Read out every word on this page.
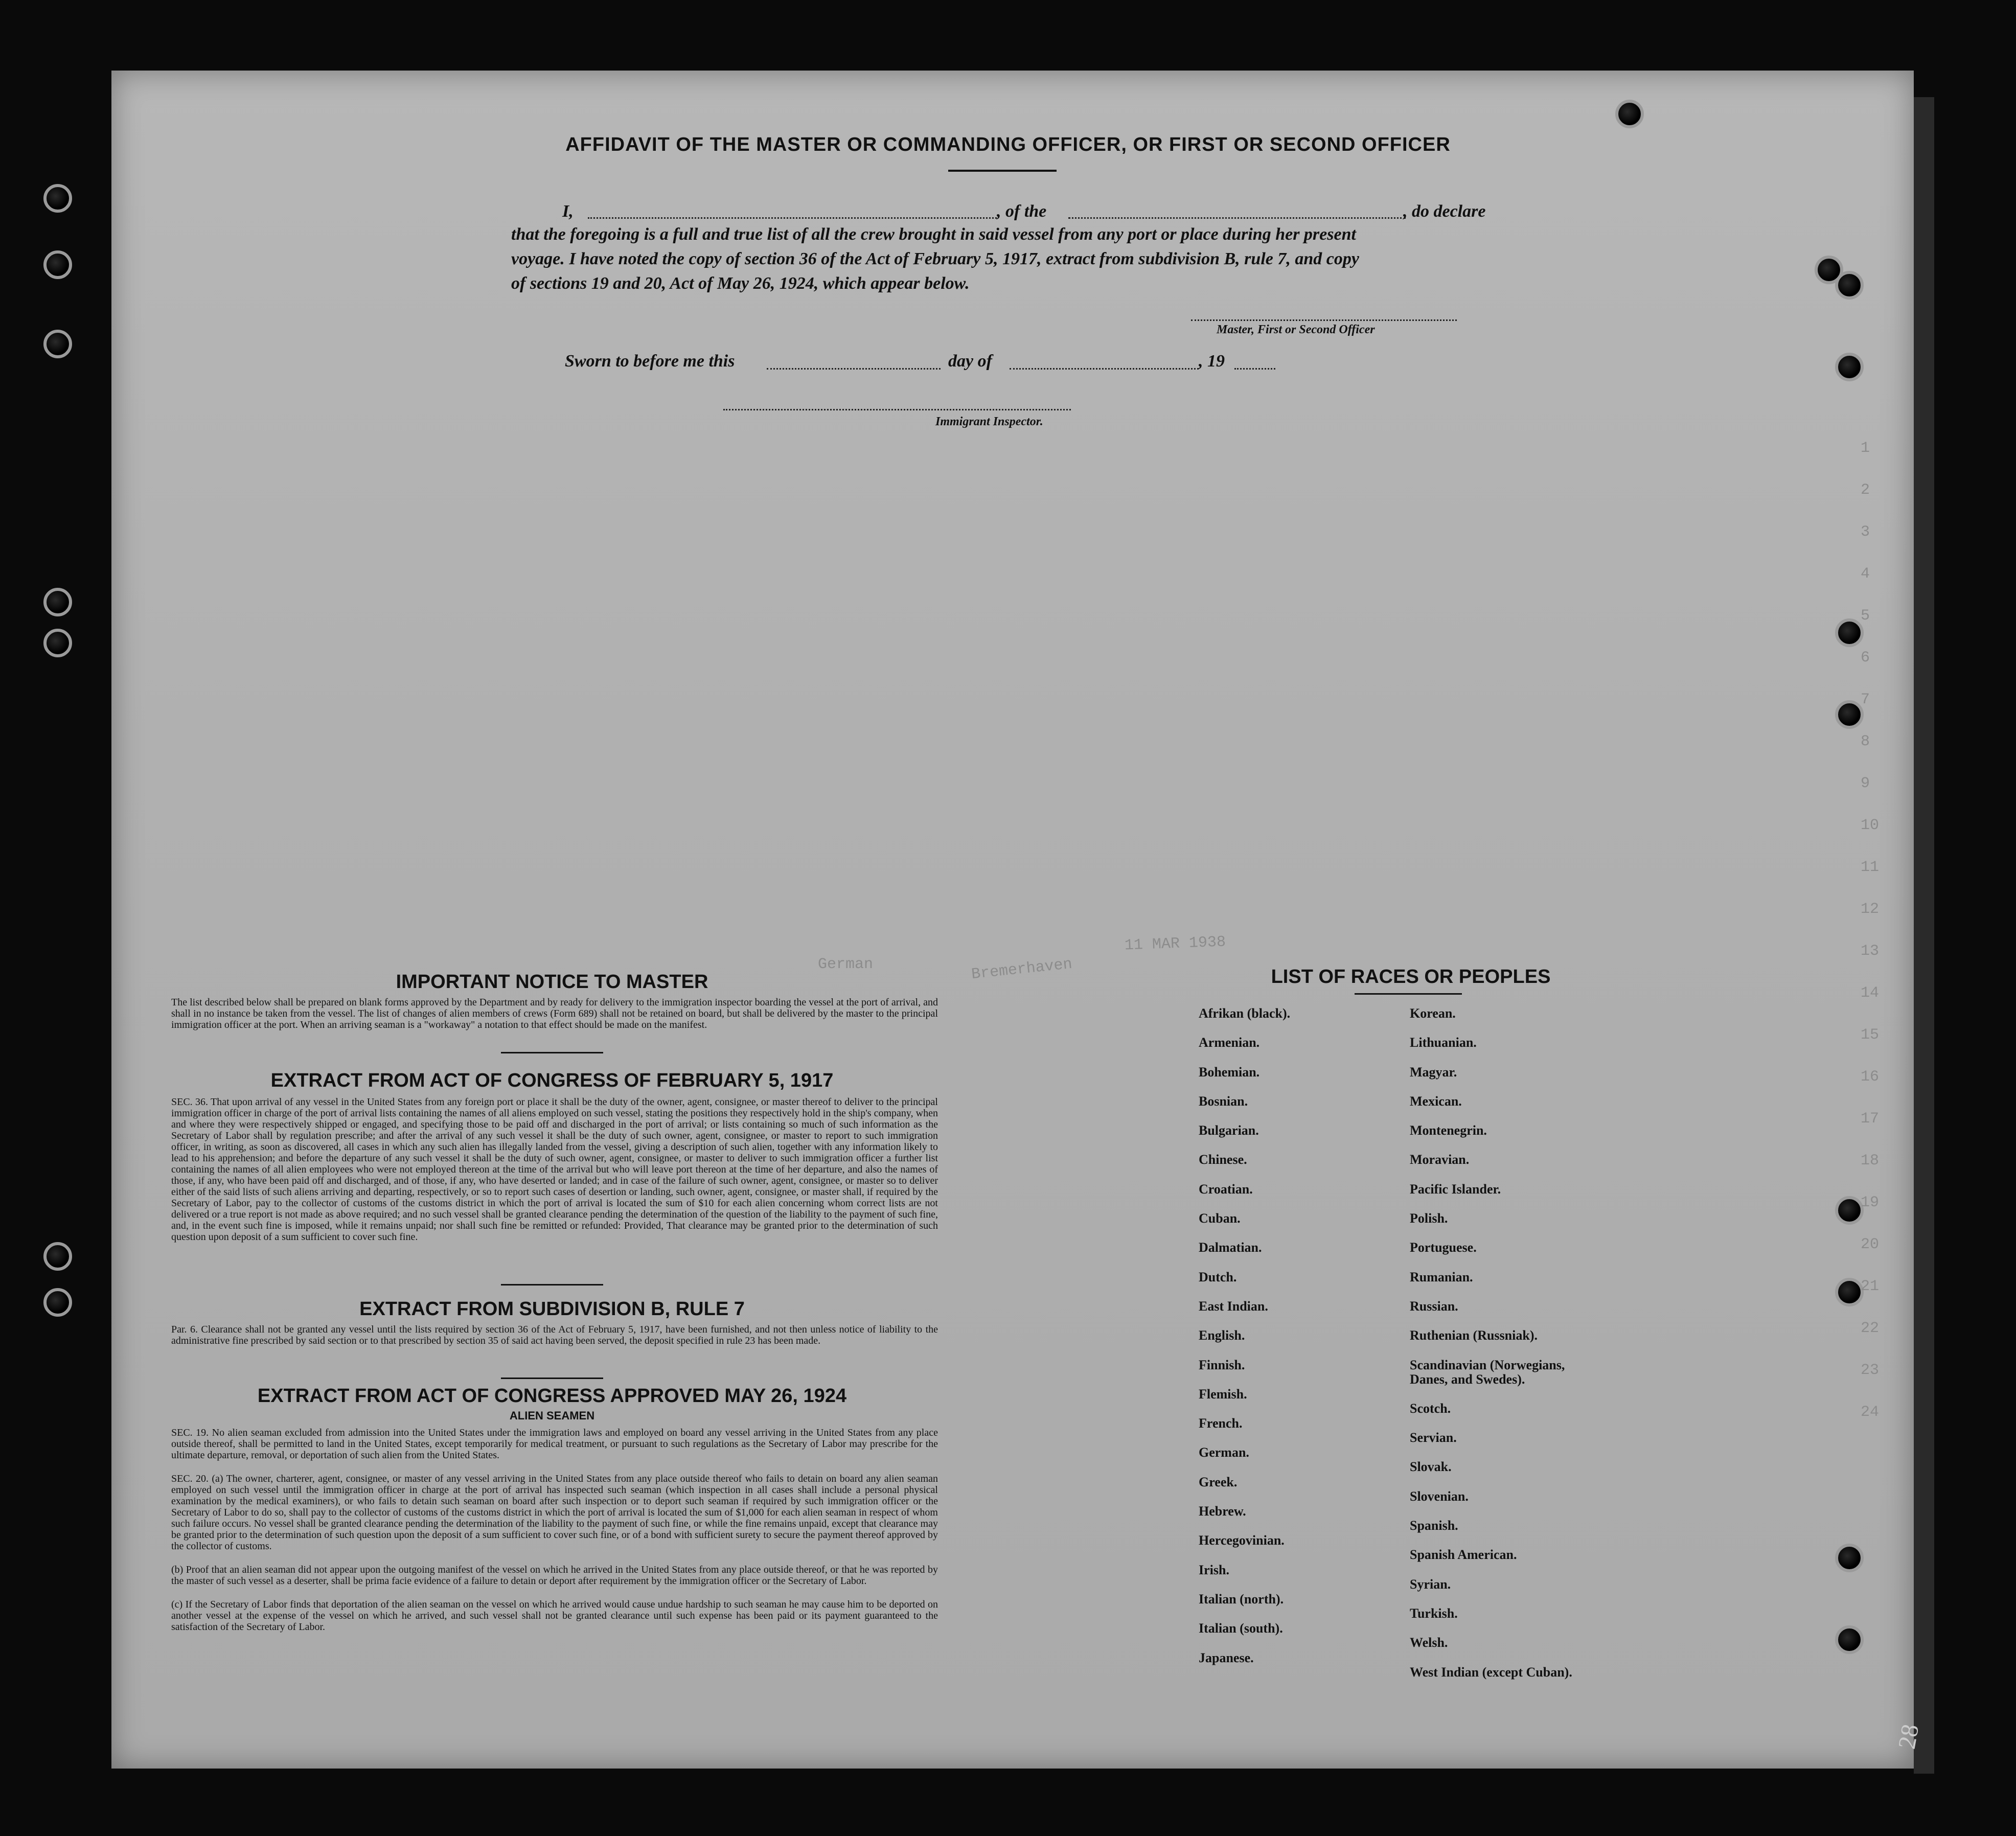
11 MAR 1938
Bremerhaven
German
1
2
3
4
5
6
7
8
9
10
11
12
13
14
15
16
17
18
19
20
21
22
23
24
AFFIDAVIT OF THE MASTER OR COMMANDING OFFICER, OR FIRST OR SECOND OFFICER
I,	, of the	, do declare
that the foregoing is a full and true list of all the crew brought in said vessel from any port or place during her present
voyage. I have noted the copy of section 36 of the Act of February 5, 1917, extract from subdivision B, rule 7, and copy
of sections 19 and 20, Act of May 26, 1924, which appear below.
Master, First or Second Officer
Sworn to before me this	day of	, 19
Immigrant Inspector.
IMPORTANT NOTICE TO MASTER
The list described below shall be prepared on blank forms approved by the Department and by ready for delivery to the immigration inspector boarding the vessel at the port of arrival, and shall in no instance be taken from the vessel. The list of changes of alien members of crews (Form 689) shall not be retained on board, but shall be delivered by the master to the principal immigration officer at the port. When an arriving seaman is a "workaway" a notation to that effect should be made on the manifest.
EXTRACT FROM ACT OF CONGRESS OF FEBRUARY 5, 1917
SEC. 36. That upon arrival of any vessel in the United States from any foreign port or place it shall be the duty of the owner, agent, consignee, or master thereof to deliver to the principal immigration officer in charge of the port of arrival lists containing the names of all aliens employed on such vessel, stating the positions they respectively hold in the ship's company, when and where they were respectively shipped or engaged, and specifying those to be paid off and discharged in the port of arrival; or lists containing so much of such information as the Secretary of Labor shall by regulation prescribe; and after the arrival of any such vessel it shall be the duty of such owner, agent, consignee, or master to report to such immigration officer, in writing, as soon as discovered, all cases in which any such alien has illegally landed from the vessel, giving a description of such alien, together with any information likely to lead to his apprehension; and before the departure of any such vessel it shall be the duty of such owner, agent, consignee, or master to deliver to such immigration officer a further list containing the names of all alien employees who were not employed thereon at the time of the arrival but who will leave port thereon at the time of her departure, and also the names of those, if any, who have been paid off and discharged, and of those, if any, who have deserted or landed; and in case of the failure of such owner, agent, consignee, or master so to deliver either of the said lists of such aliens arriving and departing, respectively, or so to report such cases of desertion or landing, such owner, agent, consignee, or master shall, if required by the Secretary of Labor, pay to the collector of customs of the customs district in which the port of arrival is located the sum of $10 for each alien concerning whom correct lists are not delivered or a true report is not made as above required; and no such vessel shall be granted clearance pending the determination of the question of the liability to the payment of such fine, and, in the event such fine is imposed, while it remains unpaid; nor shall such fine be remitted or refunded: Provided, That clearance may be granted prior to the determination of such question upon deposit of a sum sufficient to cover such fine.
EXTRACT FROM SUBDIVISION B, RULE 7
Par. 6. Clearance shall not be granted any vessel until the lists required by section 36 of the Act of February 5, 1917, have been furnished, and not then unless notice of liability to the administrative fine prescribed by said section or to that prescribed by section 35 of said act having been served, the deposit specified in rule 23 has been made.
EXTRACT FROM ACT OF CONGRESS APPROVED MAY 26, 1924
ALIEN SEAMEN
SEC. 19. No alien seaman excluded from admission into the United States under the immigration laws and employed on board any vessel arriving in the United States from any place outside thereof, shall be permitted to land in the United States, except temporarily for medical treatment, or pursuant to such regulations as the Secretary of Labor may prescribe for the ultimate departure, removal, or deportation of such alien from the United States.
SEC. 20. (a) The owner, charterer, agent, consignee, or master of any vessel arriving in the United States from any place outside thereof who fails to detain on board any alien seaman employed on such vessel until the immigration officer in charge at the port of arrival has inspected such seaman (which inspection in all cases shall include a personal physical examination by the medical examiners), or who fails to detain such seaman on board after such inspection or to deport such seaman if required by such immigration officer or the Secretary of Labor to do so, shall pay to the collector of customs of the customs district in which the port of arrival is located the sum of $1,000 for each alien seaman in respect of whom such failure occurs. No vessel shall be granted clearance pending the determination of the liability to the payment of such fine, or while the fine remains unpaid, except that clearance may be granted prior to the determination of such question upon the deposit of a sum sufficient to cover such fine, or of a bond with sufficient surety to secure the payment thereof approved by the collector of customs.
(b) Proof that an alien seaman did not appear upon the outgoing manifest of the vessel on which he arrived in the United States from any place outside thereof, or that he was reported by the master of such vessel as a deserter, shall be prima facie evidence of a failure to detain or deport after requirement by the immigration officer or the Secretary of Labor.
(c) If the Secretary of Labor finds that deportation of the alien seaman on the vessel on which he arrived would cause undue hardship to such seaman he may cause him to be deported on another vessel at the expense of the vessel on which he arrived, and such vessel shall not be granted clearance until such expense has been paid or its payment guaranteed to the satisfaction of the Secretary of Labor.
LIST OF RACES OR PEOPLES
Afrikan (black).
Armenian.
Bohemian.
Bosnian.
Bulgarian.
Chinese.
Croatian.
Cuban.
Dalmatian.
Dutch.
East Indian.
English.
Finnish.
Flemish.
French.
German.
Greek.
Hebrew.
Hercegovinian.
Irish.
Italian (north).
Italian (south).
Japanese.
Korean.
Lithuanian.
Magyar.
Mexican.
Montenegrin.
Moravian.
Pacific Islander.
Polish.
Portuguese.
Rumanian.
Russian.
Ruthenian (Russniak).
Scandinavian (Norwegians,
Danes, and Swedes).
Scotch.
Servian.
Slovak.
Slovenian.
Spanish.
Spanish American.
Syrian.
Turkish.
Welsh.
West Indian (except Cuban).
28
